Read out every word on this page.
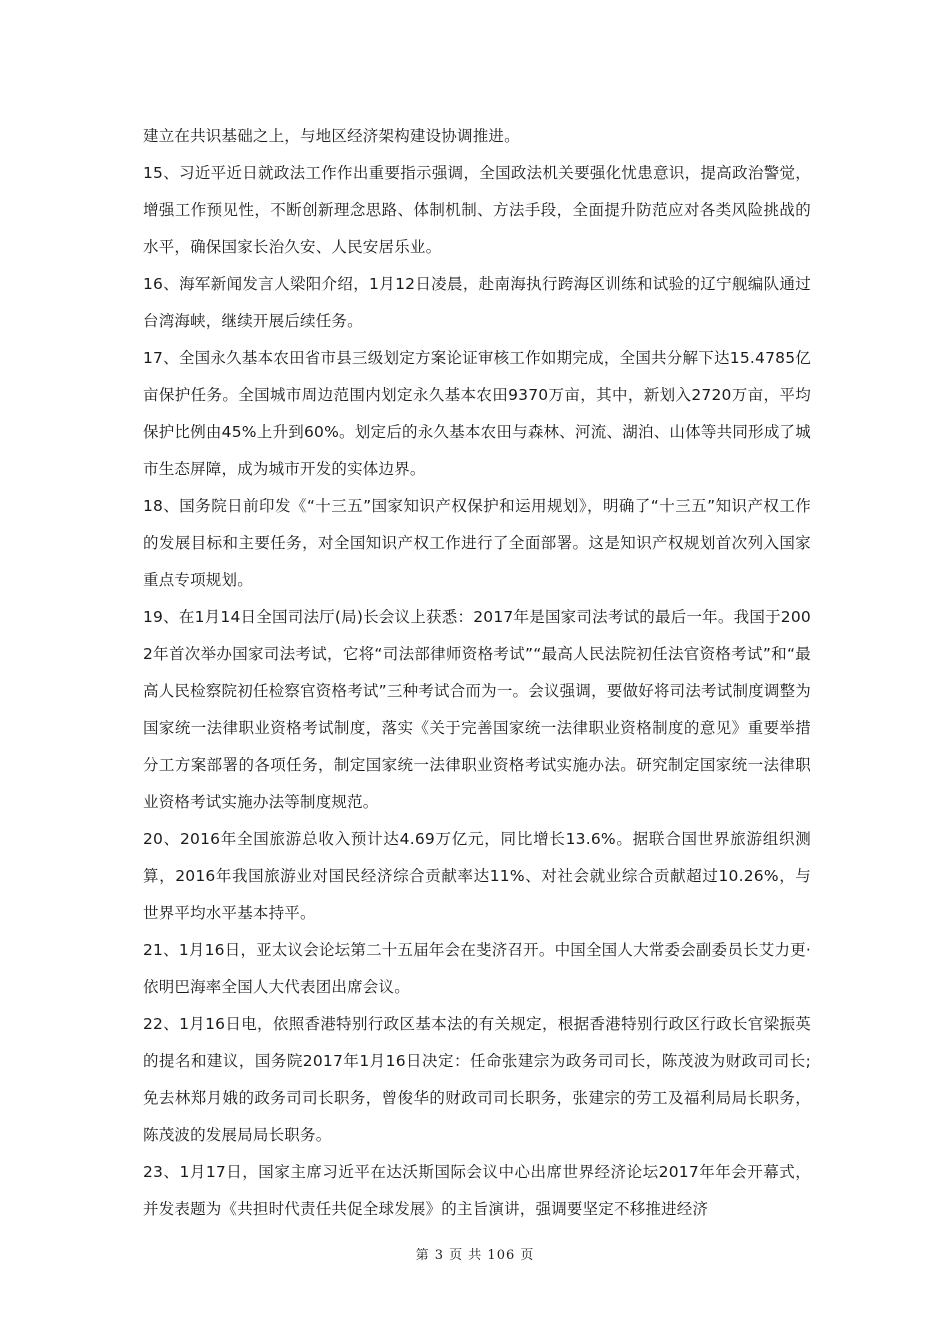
建立在共识基础之上，与地区经济架构建设协调推进。

15、习近平近日就政法工作作出重要指示强调，全国政法机关要强化忧患意识，提高政治警觉，增强工作预见性，不断创新理念思路、体制机制、方法手段，全面提升防范应对各类风险挑战的水平，确保国家长治久安、人民安居乐业。

16、海军新闻发言人梁阳介绍，1月12日凌晨，赴南海执行跨海区训练和试验的辽宁舰编队通过台湾海峡，继续开展后续任务。

17、全国永久基本农田省市县三级划定方案论证审核工作如期完成，全国共分解下达15.4785亿亩保护任务。全国城市周边范围内划定永久基本农田9370万亩，其中，新划入2720万亩，平均保护比例由45%上升到60%。划定后的永久基本农田与森林、河流、湖泊、山体等共同形成了城市生态屏障，成为城市开发的实体边界。

18、国务院日前印发《“十三五”国家知识产权保护和运用规划》，明确了“十三五”知识产权工作的发展目标和主要任务，对全国知识产权工作进行了全面部署。这是知识产权规划首次列入国家重点专项规划。

19、在1月14日全国司法厅(局)长会议上获悉：2017年是国家司法考试的最后一年。我国于2002年首次举办国家司法考试，它将“司法部律师资格考试”“最高人民法院初任法官资格考试”和“最高人民检察院初任检察官资格考试”三种考试合而为一。会议强调，要做好将司法考试制度调整为国家统一法律职业资格考试制度，落实《关于完善国家统一法律职业资格制度的意见》重要举措分工方案部署的各项任务，制定国家统一法律职业资格考试实施办法。研究制定国家统一法律职业资格考试实施办法等制度规范。

20、2016年全国旅游总收入预计达4.69万亿元，同比增长13.6%。据联合国世界旅游组织测算，2016年我国旅游业对国民经济综合贡献率达11%、对社会就业综合贡献超过10.26%，与世界平均水平基本持平。

21、1月16日，亚太议会论坛第二十五届年会在斐济召开。中国全国人大常委会副委员长艾力更·依明巴海率全国人大代表团出席会议。

22、1月16日电，依照香港特别行政区基本法的有关规定，根据香港特别行政区行政长官梁振英的提名和建议，国务院2017年1月16日决定：任命张建宗为政务司司长，陈茂波为财政司司长;免去林郑月娥的政务司司长职务，曾俊华的财政司司长职务，张建宗的劳工及福利局局长职务，陈茂波的发展局局长职务。

23、1月17日，国家主席习近平在达沃斯国际会议中心出席世界经济论坛2017年年会开幕式，并发表题为《共担时代责任共促全球发展》的主旨演讲，强调要坚定不移推进经济

第 3 页 共 106 页
